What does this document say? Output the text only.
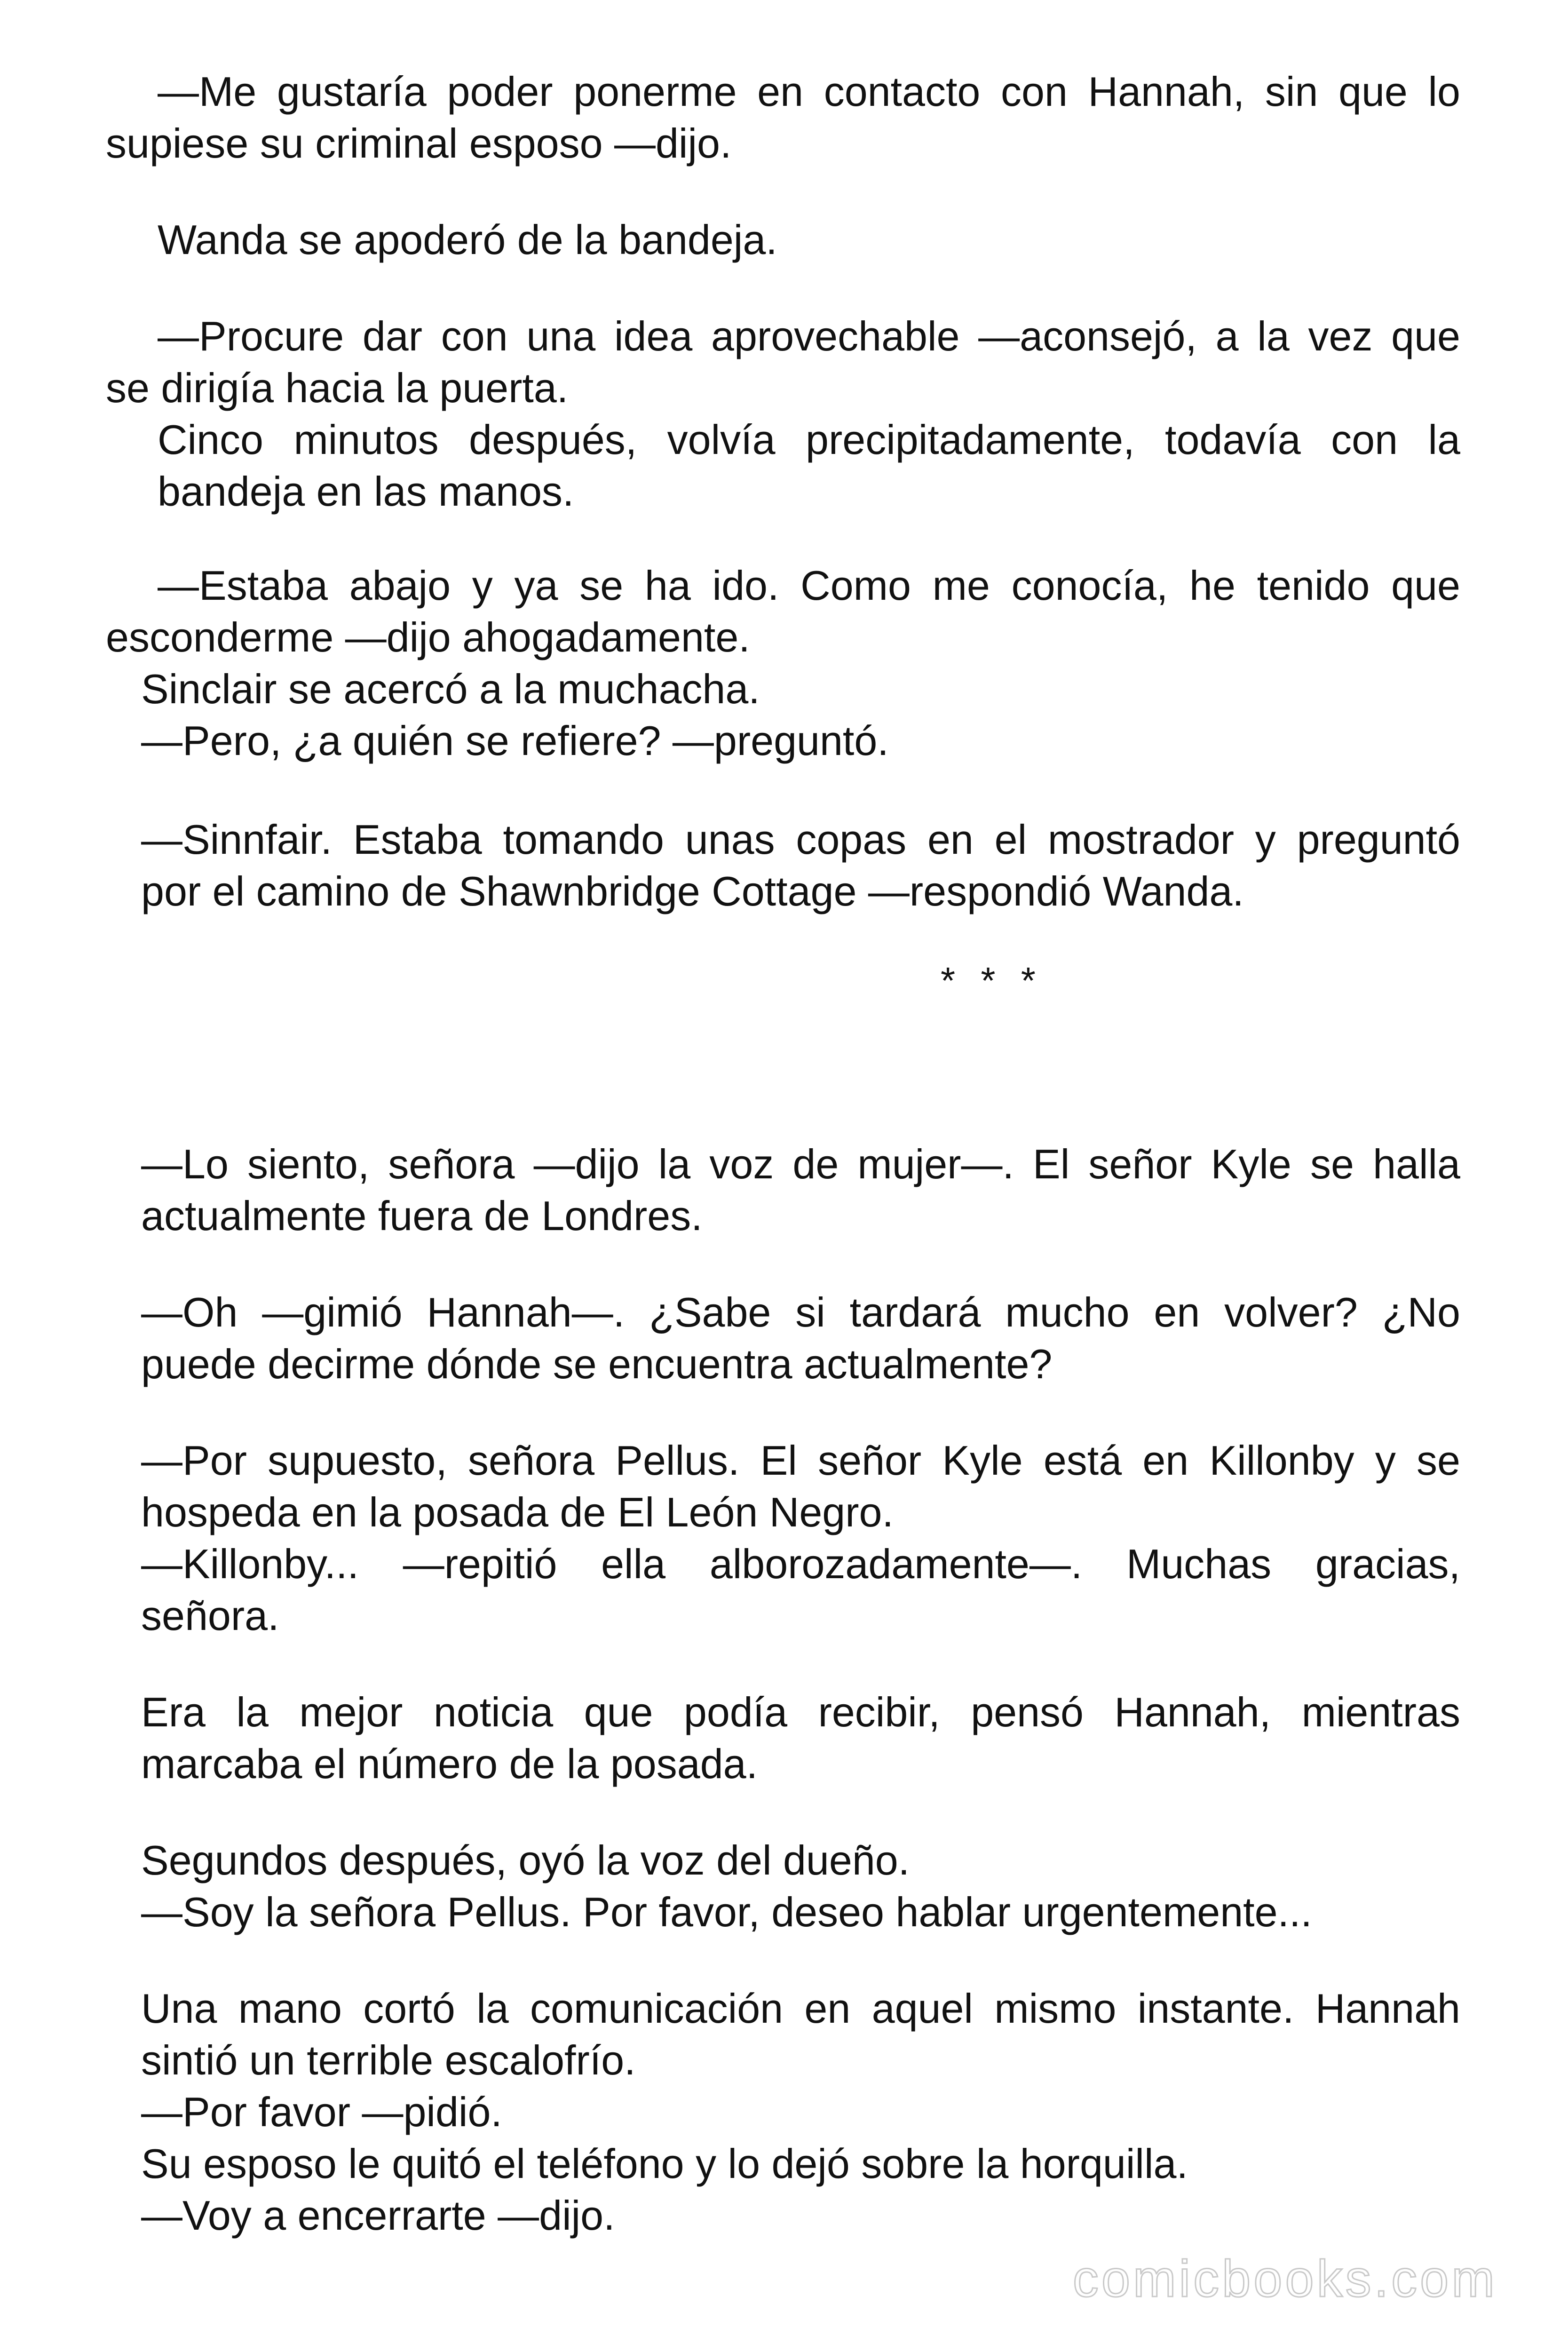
—Me gustaría poder ponerme en contacto con Hannah, sin que lo
supiese su criminal esposo —dijo.
Wanda se apoderó de la bandeja.
—Procure dar con una idea aprovechable —aconsejó, a la vez que
se dirigía hacia la puerta.
Cinco minutos después, volvía precipitadamente, todavía con la
bandeja en las manos.
—Estaba abajo y ya se ha ido. Como me conocía, he tenido que
esconderme —dijo ahogadamente.
Sinclair se acercó a la muchacha.
—Pero, ¿a quién se refiere? —preguntó.
—Sinnfair. Estaba tomando unas copas en el mostrador y preguntó
por el camino de Shawnbridge Cottage —respondió Wanda.
* * *
—Lo siento, señora —dijo la voz de mujer—. El señor Kyle se halla
actualmente fuera de Londres.
—Oh —gimió Hannah—. ¿Sabe si tardará mucho en volver? ¿No
puede decirme dónde se encuentra actualmente?
—Por supuesto, señora Pellus. El señor Kyle está en Killonby y se
hospeda en la posada de El León Negro.
—Killonby... —repitió ella alborozadamente—. Muchas gracias,
señora.
Era la mejor noticia que podía recibir, pensó Hannah, mientras
marcaba el número de la posada.
Segundos después, oyó la voz del dueño.
—Soy la señora Pellus. Por favor, deseo hablar urgentemente...
Una mano cortó la comunicación en aquel mismo instante. Hannah
sintió un terrible escalofrío.
—Por favor —pidió.
Su esposo le quitó el teléfono y lo dejó sobre la horquilla.
—Voy a encerrarte —dijo.
comicbooks.com
